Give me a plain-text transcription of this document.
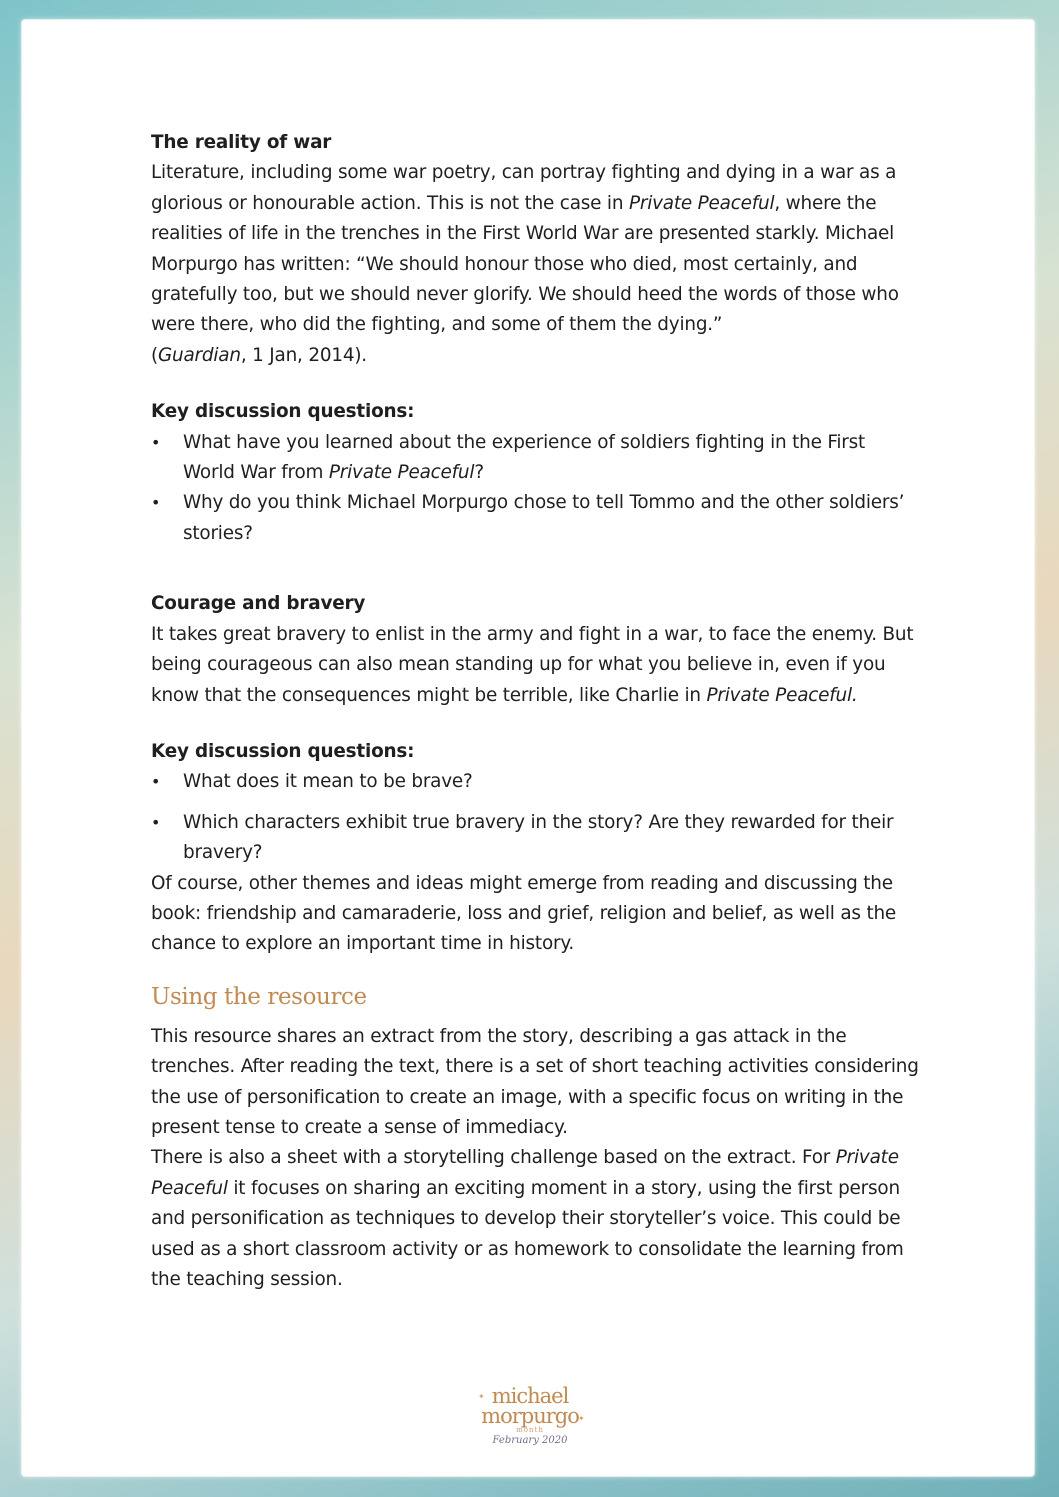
The reality of war

Literature, including some war poetry, can portray fighting and dying in a war as a glorious or honourable action. This is not the case in Private Peaceful, where the realities of life in the trenches in the First World War are presented starkly. Michael Morpurgo has written: “We should honour those who died, most certainly, and gratefully too, but we should never glorify. We should heed the words of those who were there, who did the fighting, and some of them the dying.”
(Guardian, 1 Jan, 2014).

Key discussion questions:

• What have you learned about the experience of soldiers fighting in the First World War from Private Peaceful?
• Why do you think Michael Morpurgo chose to tell Tommo and the other soldiers’ stories?

Courage and bravery

It takes great bravery to enlist in the army and fight in a war, to face the enemy. But being courageous can also mean standing up for what you believe in, even if you know that the consequences might be terrible, like Charlie in Private Peaceful.

Key discussion questions:

• What does it mean to be brave?
• Which characters exhibit true bravery in the story? Are they rewarded for their bravery?

Of course, other themes and ideas might emerge from reading and discussing the book: friendship and camaraderie, loss and grief, religion and belief, as well as the chance to explore an important time in history.

Using the resource

This resource shares an extract from the story, describing a gas attack in the trenches. After reading the text, there is a set of short teaching activities considering the use of personification to create an image, with a specific focus on writing in the present tense to create a sense of immediacy.

There is also a sheet with a storytelling challenge based on the extract. For Private Peaceful it focuses on sharing an exciting moment in a story, using the first person and personification as techniques to develop their storyteller’s voice. This could be used as a short classroom activity or as homework to consolidate the learning from the teaching session.

✦
✦
michael
morpurgo
month
February 2020
